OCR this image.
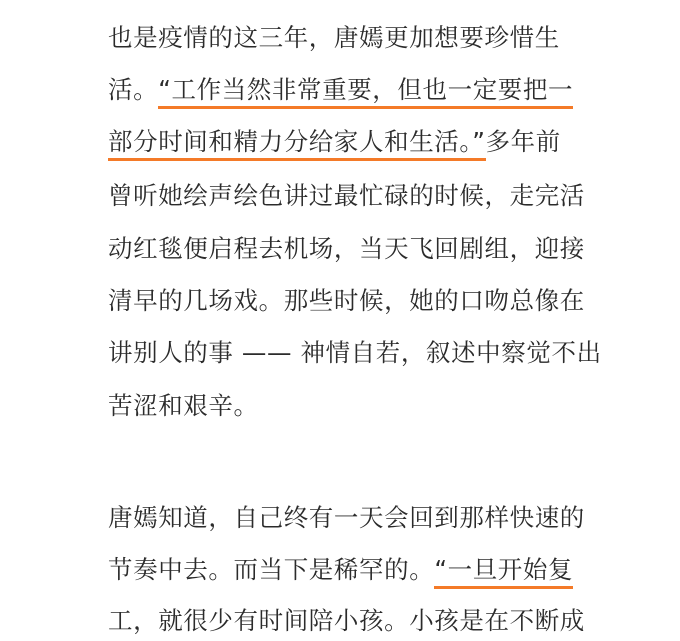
也是疫情的这三年，唐嫣更加想要珍惜生
活。“工作当然非常重要，但也一定要把一
部分时间和精力分给家人和生活。”多年前
曾听她绘声绘色讲过最忙碌的时候，走完活
动红毯便启程去机场，当天飞回剧组，迎接
清早的几场戏。那些时候，她的口吻总像在
讲别人的事 —— 神情自若，叙述中察觉不出
苦涩和艰辛。
唐嫣知道，自己终有一天会回到那样快速的
节奏中去。而当下是稀罕的。“一旦开始复
工，就很少有时间陪小孩。小孩是在不断成
